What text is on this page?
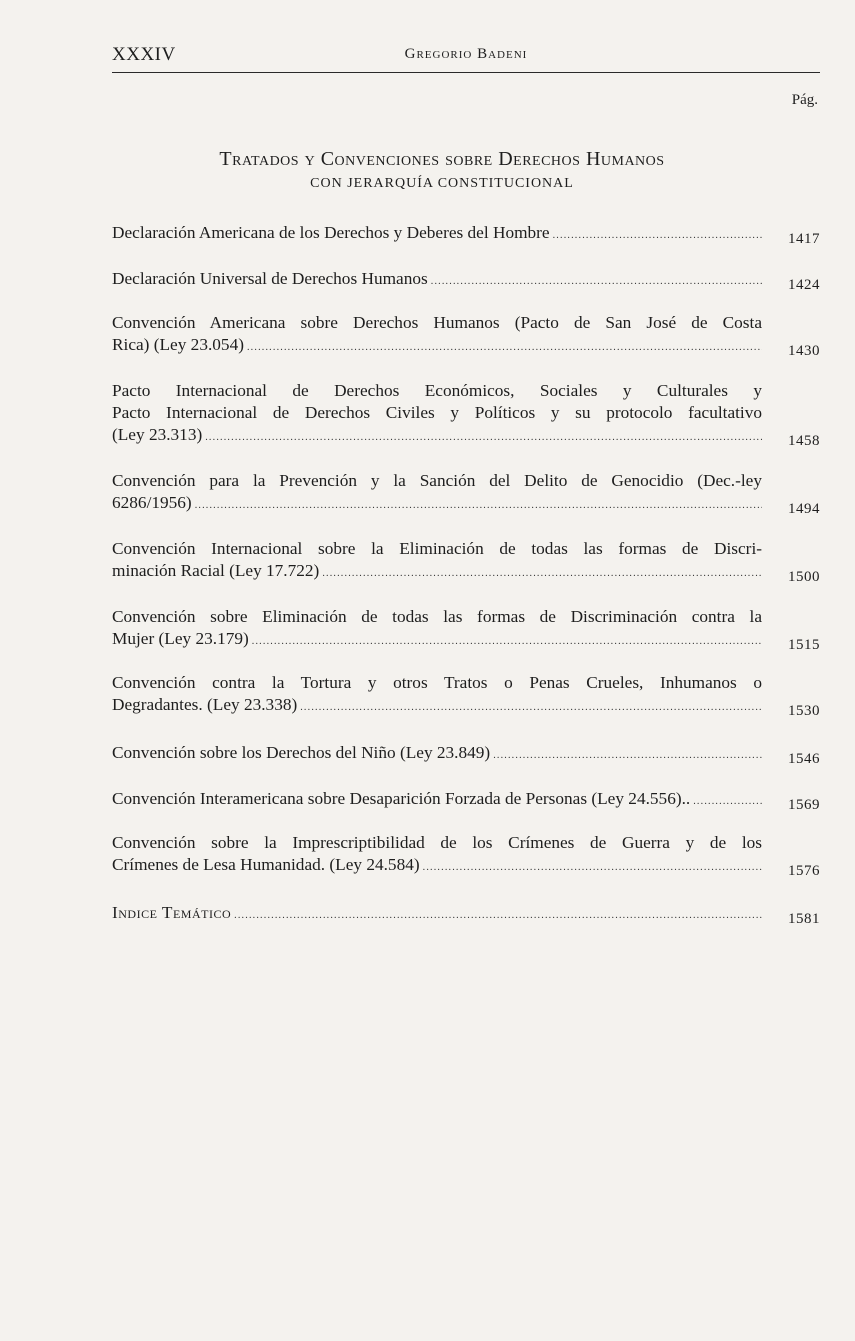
XXXIV	Gregorio Badeni
Pág.
Tratados y Convenciones sobre Derechos Humanos
CON JERARQUÍA CONSTITUCIONAL
Declaración Americana de los Derechos y Deberes del Hombre .....	1417
Declaración Universal de Derechos Humanos .....	1424
Convención Americana sobre Derechos Humanos (Pacto de San José de Costa
Rica) (Ley 23.054) .....	1430
Pacto Internacional de Derechos Económicos, Sociales y Culturales y
Pacto Internacional de Derechos Civiles y Políticos y su protocolo facultativo
(Ley 23.313) .....	1458
Convención para la Prevención y la Sanción del Delito de Genocidio (Dec.-ley
6286/1956) .....	1494
Convención Internacional sobre la Eliminación de todas las formas de Discri-
minación Racial (Ley 17.722) .....	1500
Convención sobre Eliminación de todas las formas de Discriminación contra la
Mujer (Ley 23.179) .....	1515
Convención contra la Tortura y otros Tratos o Penas Crueles, Inhumanos o
Degradantes. (Ley 23.338) .....	1530
Convención sobre los Derechos del Niño (Ley 23.849) .....	1546
Convención Interamericana sobre Desaparición Forzada de Personas (Ley 24.556).. .....	1569
Convención sobre la Imprescriptibilidad de los Crímenes de Guerra y de los
Crímenes de Lesa Humanidad. (Ley 24.584) .....	1576
Indice Temático .....	1581
